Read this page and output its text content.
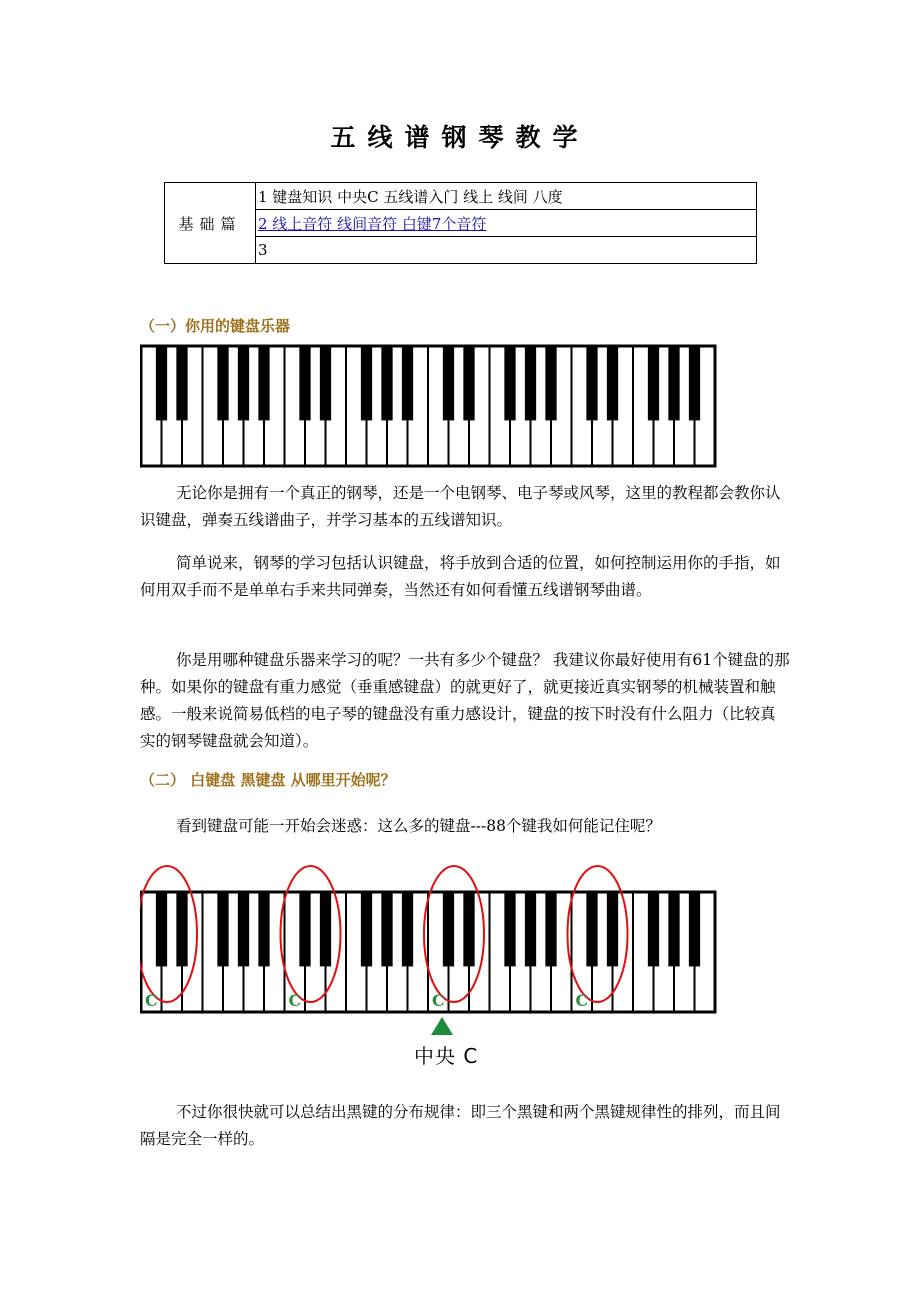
五线谱钢琴教学
基础篇	1 键盘知识 中央C 五线谱入门 线上 线间 八度
2 线上音符 线间音符 白键7个音符
3
（一）你用的键盘乐器

无论你是拥有一个真正的钢琴，还是一个电钢琴、电子琴或风琴，这里的教程都会教你认识键盘，弹奏五线谱曲子，并学习基本的五线谱知识。

简单说来，钢琴的学习包括认识键盘，将手放到合适的位置，如何控制运用你的手指，如何用双手而不是单单右手来共同弹奏，当然还有如何看懂五线谱钢琴曲谱。

你是用哪种键盘乐器来学习的呢？一共有多少个键盘？ 我建议你最好使用有61个键盘的那种。如果你的键盘有重力感觉（垂重感键盘）的就更好了，就更接近真实钢琴的机械装置和触感。一般来说简易低档的电子琴的键盘没有重力感设计，键盘的按下时没有什么阻力（比较真实的钢琴键盘就会知道）。

（二） 白键盘 黑键盘 从哪里开始呢？

看到键盘可能一开始会迷惑：这么多的键盘---88个键我如何能记住呢？

C	C	C	C
中央 C

不过你很快就可以总结出黑键的分布规律：即三个黑键和两个黑键规律性的排列，而且间隔是完全一样的。
